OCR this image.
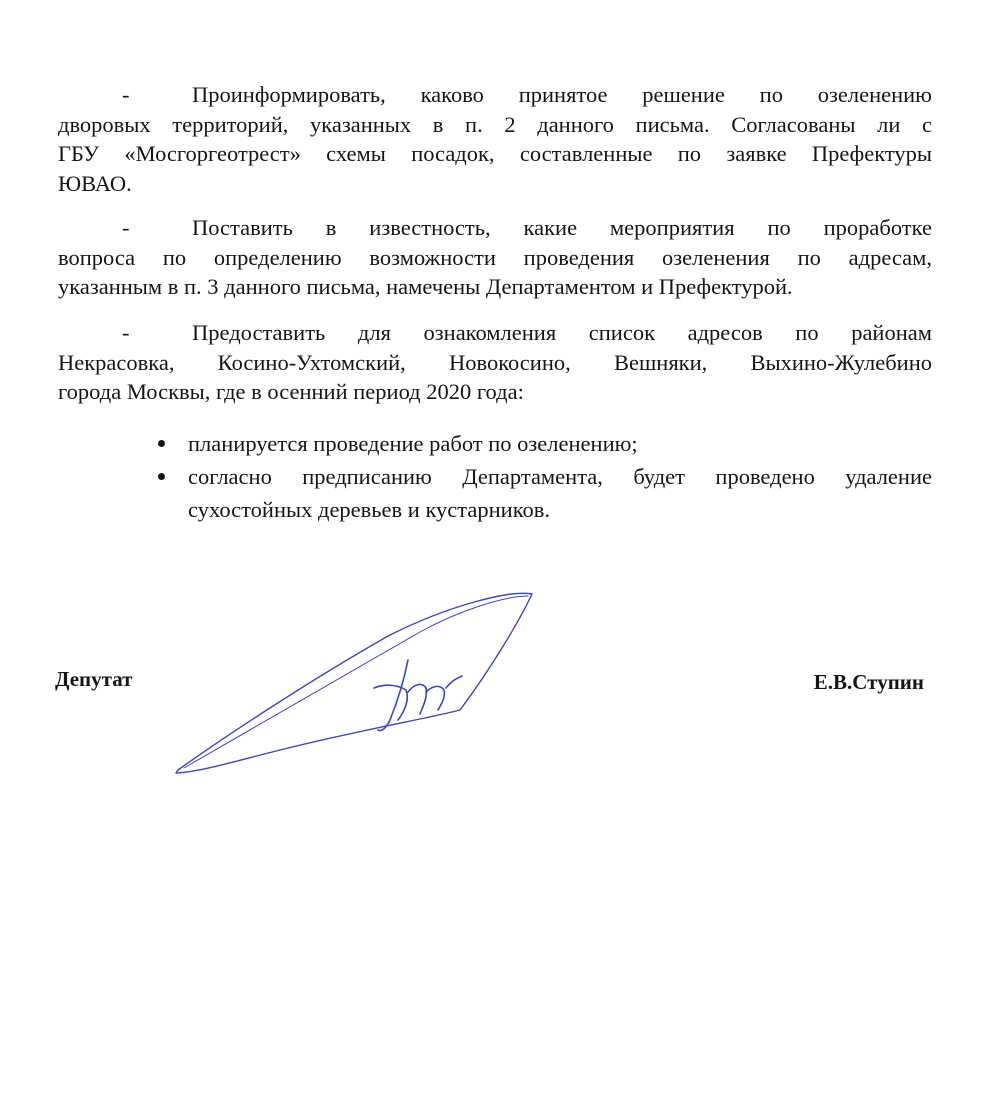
-	Проинформировать, каково принятое решение по озеленению
дворовых территорий, указанных в п. 2 данного письма. Согласованы ли с
ГБУ «Мосгоргеотрест» схемы посадок, составленные по заявке Префектуры
ЮВАО.
-	Поставить в известность, какие мероприятия по проработке
вопроса по определению возможности проведения озеленения по адресам,
указанным в п. 3 данного письма, намечены Департаментом и Префектурой.
-	Предоставить для ознакомления список адресов по районам
Некрасовка, Косино-Ухтомский, Новокосино, Вешняки, Выхино-Жулебино
города Москвы, где в осенний период 2020 года:
планируется проведение работ по озеленению;
согласно предписанию Департамента, будет проведено удаление
сухостойных деревьев и кустарников.
Депутат	Е.В.Ступин
